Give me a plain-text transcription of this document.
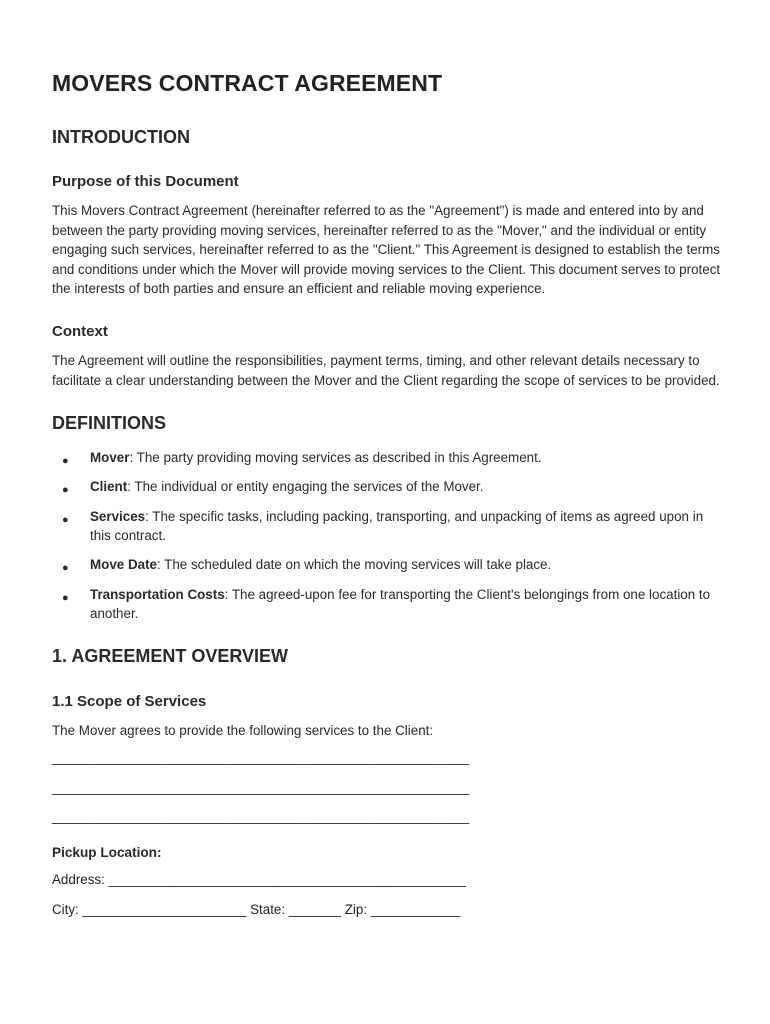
MOVERS CONTRACT AGREEMENT
INTRODUCTION
Purpose of this Document

This Movers Contract Agreement (hereinafter referred to as the "Agreement") is made and entered into by and between the party providing moving services, hereinafter referred to as the "Mover," and the individual or entity engaging such services, hereinafter referred to as the "Client." This Agreement is designed to establish the terms and conditions under which the Mover will provide moving services to the Client. This document serves to protect the interests of both parties and ensure an efficient and reliable moving experience.

Context

The Agreement will outline the responsibilities, payment terms, timing, and other relevant details necessary to facilitate a clear understanding between the Mover and the Client regarding the scope of services to be provided.

DEFINITIONS
● Mover: The party providing moving services as described in this Agreement.
● Client: The individual or entity engaging the services of the Mover.
● Services: The specific tasks, including packing, transporting, and unpacking of items as agreed upon in this contract.
● Move Date: The scheduled date on which the moving services will take place.
● Transportation Costs: The agreed-upon fee for transporting the Client's belongings from one location to another.
1. AGREEMENT OVERVIEW
1.1 Scope of Services

The Mover agrees to provide the following services to the Client:

________________________________________________________
________________________________________________________
________________________________________________________
Pickup Location:
Address: ________________________________________________
City: ______________________ State: _______ Zip: ____________
